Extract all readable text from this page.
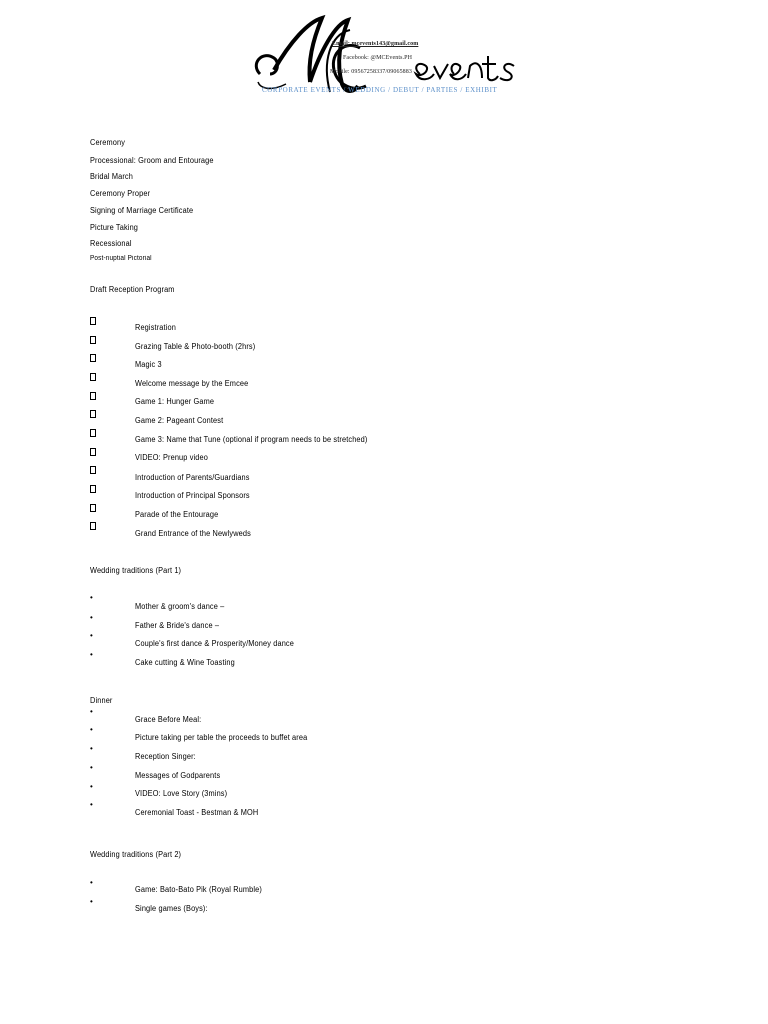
Email: mcevents143@gmail.com
Facebook: @MCEvents.PH
Mobile: 09567258337/09065883
CORPORATE EVENTS / WEDDING / DEBUT / PARTIES / EXHIBIT
Ceremony
Processional: Groom and Entourage
Bridal March
Ceremony Proper
Signing of Marriage Certificate
Picture Taking
Recessional
Post-nuptial Pictorial
Draft Reception Program
Registration
Grazing Table & Photo-booth (2hrs)
Magic 3
Welcome message by the Emcee
Game 1: Hunger Game
Game 2: Pageant Contest
Game 3: Name that Tune (optional if program needs to be stretched)
VIDEO: Prenup video
Introduction of Parents/Guardians
Introduction of Principal Sponsors
Parade of the Entourage
Grand Entrance of the Newlyweds
Wedding traditions (Part 1)
•
Mother & groom's dance –
•
Father & Bride's dance –
•
Couple's first dance & Prosperity/Money dance
•
Cake cutting & Wine Toasting
Dinner
•
Grace Before Meal:
•
Picture taking per table the proceeds to buffet area
•
Reception Singer:
•
Messages of Godparents
•
VIDEO: Love Story (3mins)
•
Ceremonial Toast - Bestman & MOH
Wedding traditions (Part 2)
•
Game: Bato-Bato Pik (Royal Rumble)
•
Single games (Boys):
